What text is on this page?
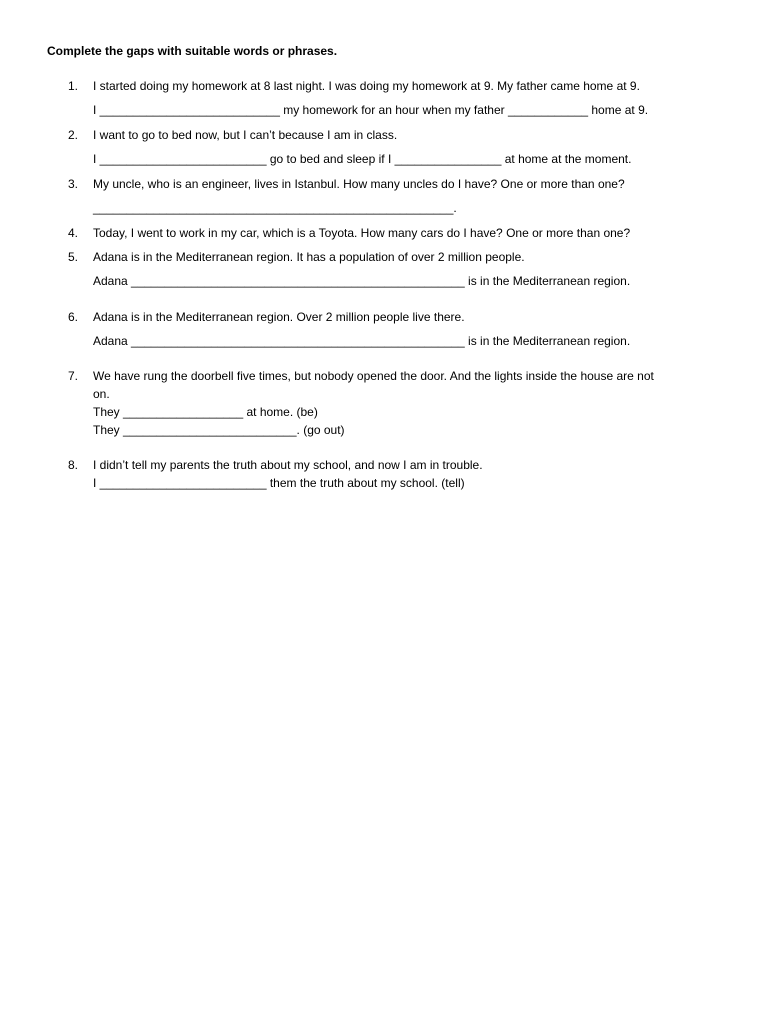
Complete the gaps with suitable words or phrases.
1. I started doing my homework at 8 last night. I was doing my homework at 9. My father came home at 9.
I ___________________________ my homework for an hour when my father ____________ home at 9.
2. I want to go to bed now, but I can’t because I am in class.
I _________________________ go to bed and sleep if I ________________ at home at the moment.
3. My uncle, who is an engineer, lives in Istanbul. How many uncles do I have? One or more than one?
______________________________________________________.
4. Today, I went to work in my car, which is a Toyota. How many cars do I have? One or more than one?
5. Adana is in the Mediterranean region. It has a population of over 2 million people.
Adana __________________________________________________ is in the Mediterranean region.
6. Adana is in the Mediterranean region. Over 2 million people live there.
Adana __________________________________________________ is in the Mediterranean region.
7. We have rung the doorbell five times, but nobody opened the door. And the lights inside the house are not
on.
They __________________ at home. (be)
They __________________________. (go out)
8. I didn’t tell my parents the truth about my school, and now I am in trouble.
I _________________________ them the truth about my school. (tell)
